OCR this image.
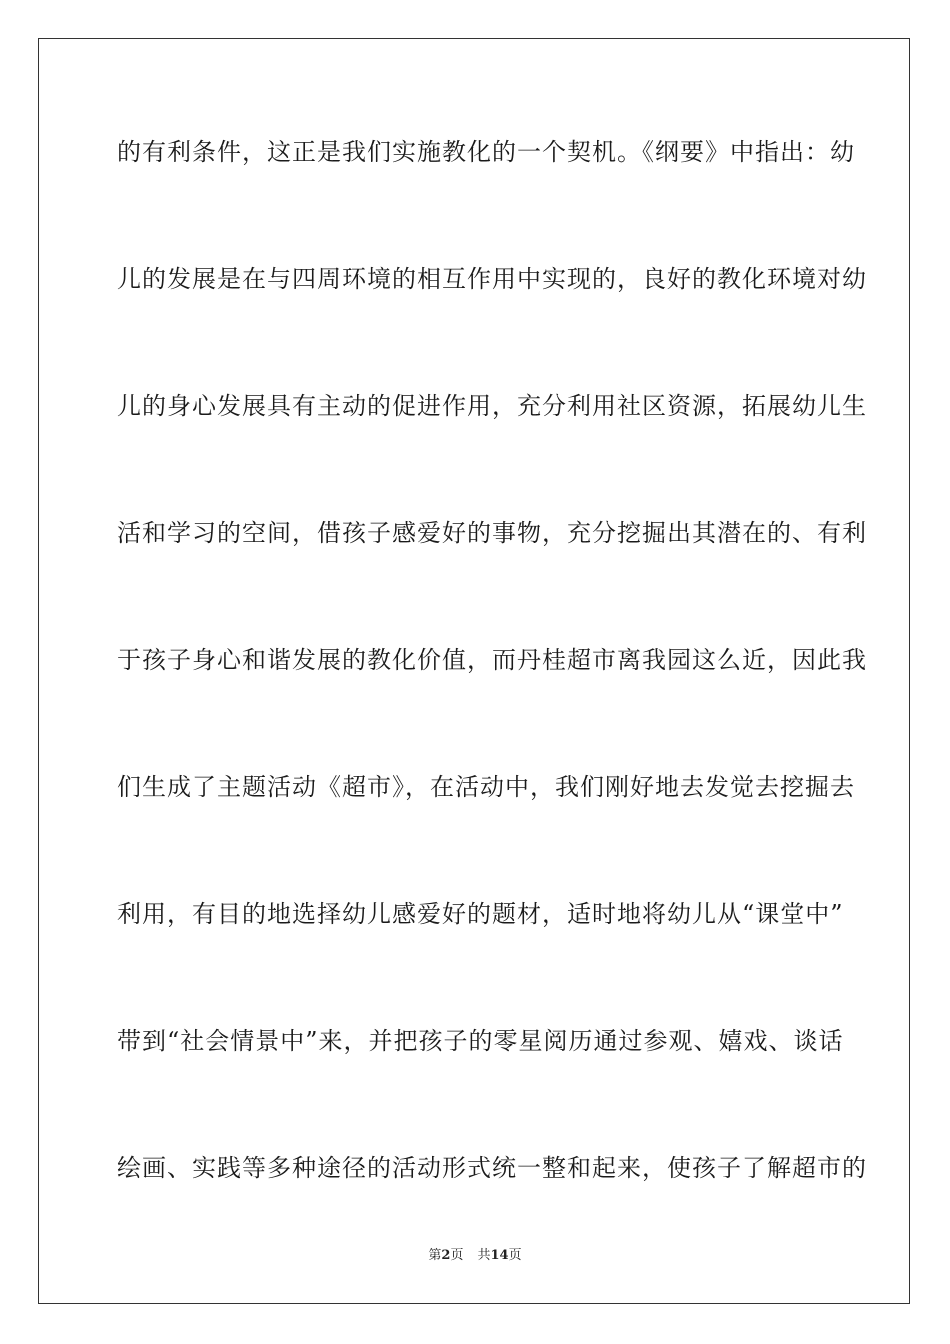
的有利条件，这正是我们实施教化的一个契机。《纲要》中指出：幼
儿的发展是在与四周环境的相互作用中实现的，良好的教化环境对幼
儿的身心发展具有主动的促进作用，充分利用社区资源，拓展幼儿生
活和学习的空间，借孩子感爱好的事物，充分挖掘出其潜在的、有利
于孩子身心和谐发展的教化价值，而丹桂超市离我园这么近，因此我
们生成了主题活动《超市》，在活动中，我们刚好地去发觉去挖掘去
利用，有目的地选择幼儿感爱好的题材，适时地将幼儿从“课堂中”
带到“社会情景中”来，并把孩子的零星阅历通过参观、嬉戏、谈话
绘画、实践等多种途径的活动形式统一整和起来，使孩子了解超市的
第2页 共14页
